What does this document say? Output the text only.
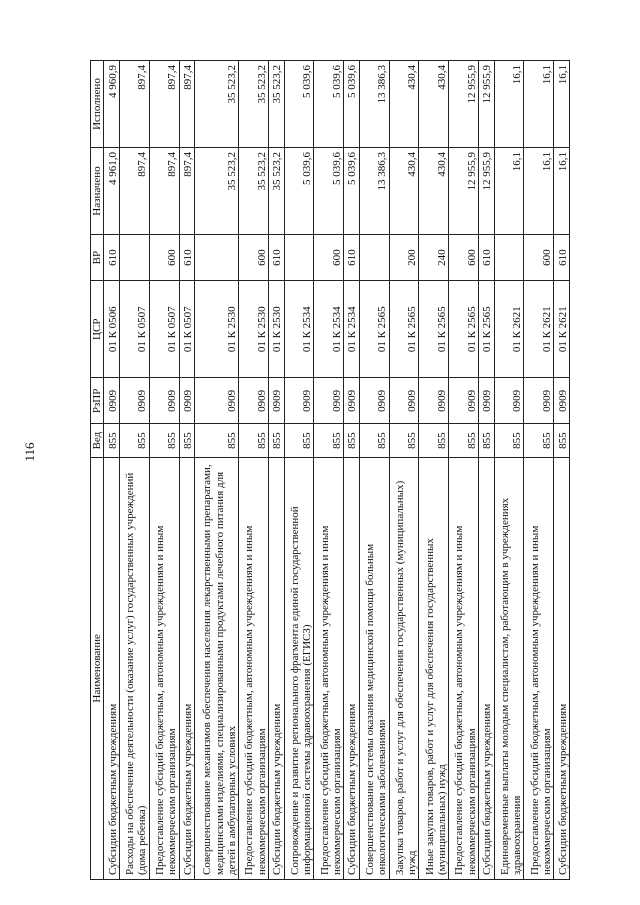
116
Наименование	Вед	РзПР	ЦСР	ВР	Назначено	Исполнено
Субсидии бюджетным учреждениям	855	0909	01 К 0506	610	4 961,0	4 960,9
Расходы на обеспечение деятельности (оказание услуг) государственных учреждений (дома ребенка)	855	0909	01 К 0507		897,4	897,4
Предоставление субсидий бюджетным, автономным учреждениям и иным некоммерческим организациям	855	0909	01 К 0507	600	897,4	897,4
Субсидии бюджетным учреждениям	855	0909	01 К 0507	610	897,4	897,4
Совершенствование механизмов обеспечения населения лекарственными препаратами, медицинскими изделиями, специализированными продуктами лечебного питания для детей в амбулаторных условиях	855	0909	01 К 2530		35 523,2	35 523,2
Предоставление субсидий бюджетным, автономным учреждениям и иным некоммерческим организациям	855	0909	01 К 2530	600	35 523,2	35 523,2
Субсидии бюджетным учреждениям	855	0909	01 К 2530	610	35 523,2	35 523,2
Сопровождение и развитие регионального фрагмента единой государственной информационной системы здравоохранения (ЕГИСЗ)	855	0909	01 К 2534		5 039,6	5 039,6
Предоставление субсидий бюджетным, автономным учреждениям и иным некоммерческим организациям	855	0909	01 К 2534	600	5 039,6	5 039,6
Субсидии бюджетным учреждениям	855	0909	01 К 2534	610	5 039,6	5 039,6
Совершенствование системы оказания медицинской помощи больным онкологическими заболеваниями	855	0909	01 К 2565		13 386,3	13 386,3
Закупка товаров, работ и услуг для обеспечения государственных (муниципальных) нужд	855	0909	01 К 2565	200	430,4	430,4
Иные закупки товаров, работ и услуг для обеспечения государственных (муниципальных) нужд	855	0909	01 К 2565	240	430,4	430,4
Предоставление субсидий бюджетным, автономным учреждениям и иным некоммерческим организациям	855	0909	01 К 2565	600	12 955,9	12 955,9
Субсидии бюджетным учреждениям	855	0909	01 К 2565	610	12 955,9	12 955,9
Единовременные выплаты молодым специалистам, работающим в учреждениях здравоохранения	855	0909	01 К 2621		16,1	16,1
Предоставление субсидий бюджетным, автономным учреждениям и иным некоммерческим организациям	855	0909	01 К 2621	600	16,1	16,1
Субсидии бюджетным учреждениям	855	0909	01 К 2621	610	16,1	16,1
